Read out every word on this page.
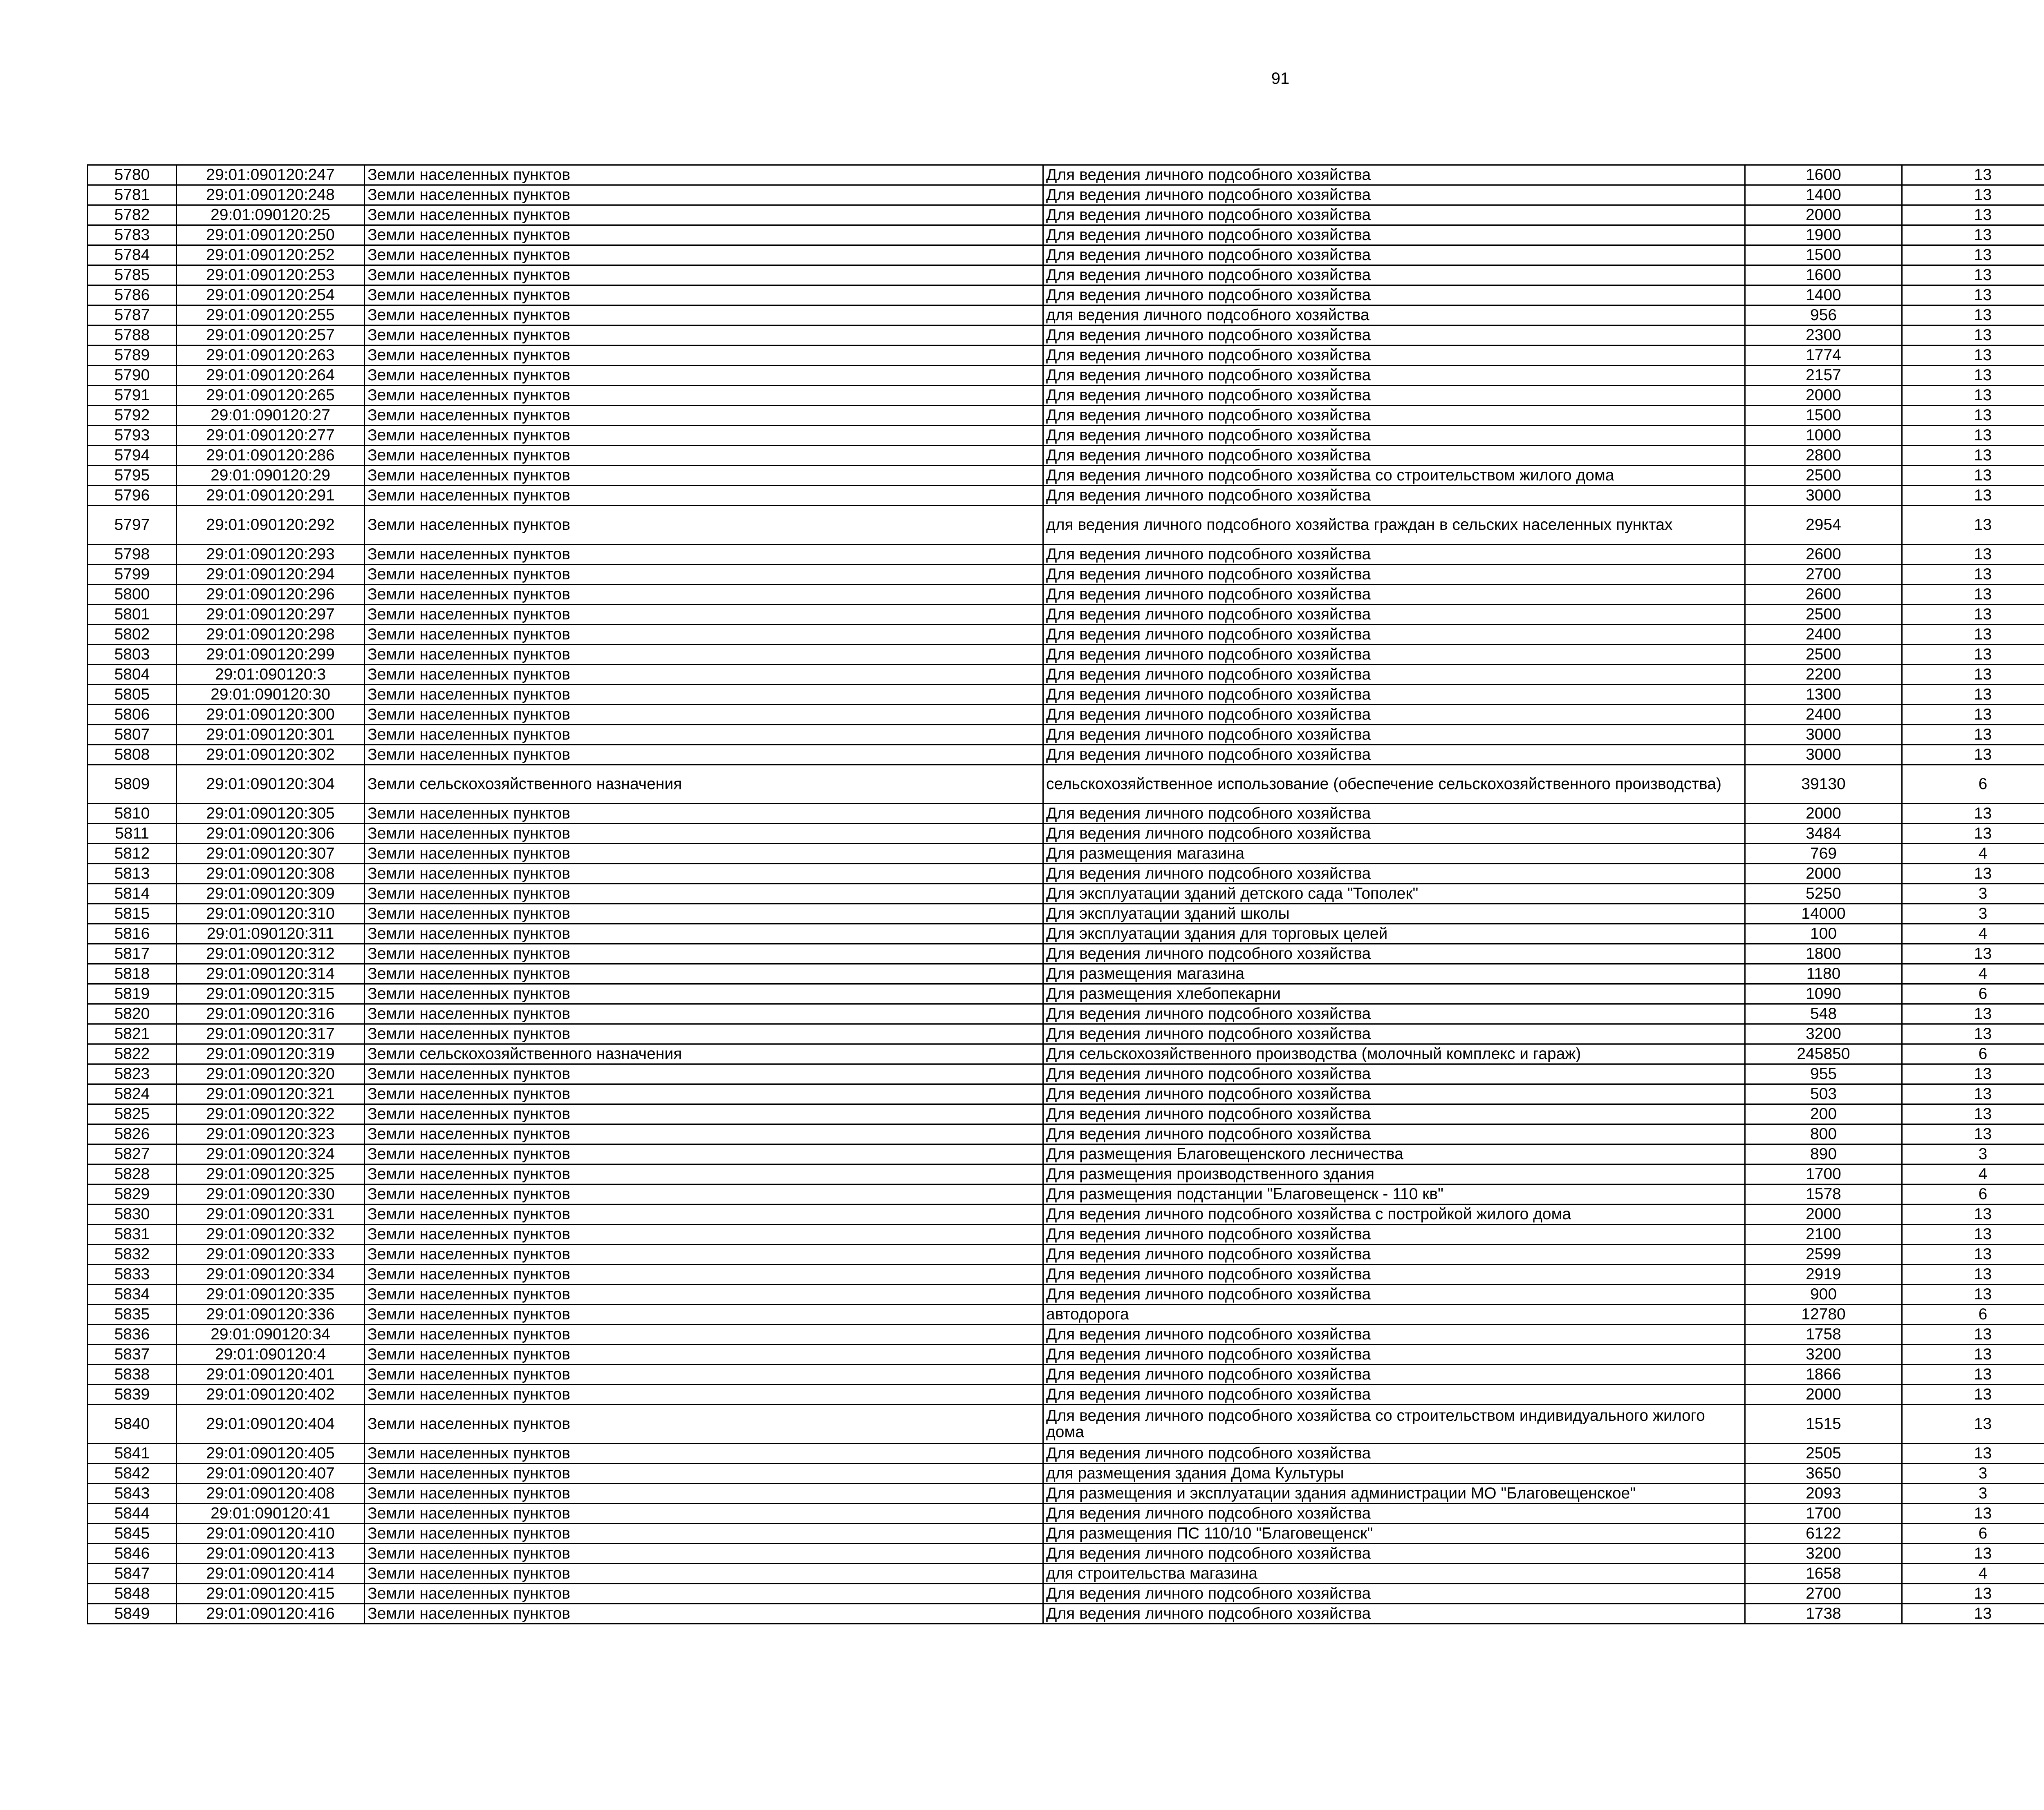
91
5780	29:01:090120:247	Земли населенных пунктов	Для ведения личного подсобного хозяйства	1600	13		
5781	29:01:090120:248	Земли населенных пунктов	Для ведения личного подсобного хозяйства	1400	13		
5782	29:01:090120:25	Земли населенных пунктов	Для ведения личного подсобного хозяйства	2000	13		
5783	29:01:090120:250	Земли населенных пунктов	Для ведения личного подсобного хозяйства	1900	13		
5784	29:01:090120:252	Земли населенных пунктов	Для ведения личного подсобного хозяйства	1500	13		
5785	29:01:090120:253	Земли населенных пунктов	Для ведения личного подсобного хозяйства	1600	13		
5786	29:01:090120:254	Земли населенных пунктов	Для ведения личного подсобного хозяйства	1400	13		
5787	29:01:090120:255	Земли населенных пунктов	для ведения личного подсобного хозяйства	956	13		
5788	29:01:090120:257	Земли населенных пунктов	Для ведения личного подсобного хозяйства	2300	13		
5789	29:01:090120:263	Земли населенных пунктов	Для ведения личного подсобного хозяйства	1774	13		
5790	29:01:090120:264	Земли населенных пунктов	Для ведения личного подсобного хозяйства	2157	13		
5791	29:01:090120:265	Земли населенных пунктов	Для ведения личного подсобного хозяйства	2000	13		
5792	29:01:090120:27	Земли населенных пунктов	Для ведения личного подсобного хозяйства	1500	13		
5793	29:01:090120:277	Земли населенных пунктов	Для ведения личного подсобного хозяйства	1000	13		
5794	29:01:090120:286	Земли населенных пунктов	Для ведения личного подсобного хозяйства	2800	13		
5795	29:01:090120:29	Земли населенных пунктов	Для ведения личного подсобного хозяйства со строительством жилого дома	2500	13		
5796	29:01:090120:291	Земли населенных пунктов	Для ведения личного подсобного хозяйства	3000	13		
5797	29:01:090120:292	Земли населенных пунктов	для ведения личного подсобного хозяйства граждан в сельских населенных пунктах	2954	13		
5798	29:01:090120:293	Земли населенных пунктов	Для ведения личного подсобного хозяйства	2600	13		
5799	29:01:090120:294	Земли населенных пунктов	Для ведения личного подсобного хозяйства	2700	13		
5800	29:01:090120:296	Земли населенных пунктов	Для ведения личного подсобного хозяйства	2600	13		
5801	29:01:090120:297	Земли населенных пунктов	Для ведения личного подсобного хозяйства	2500	13		
5802	29:01:090120:298	Земли населенных пунктов	Для ведения личного подсобного хозяйства	2400	13		
5803	29:01:090120:299	Земли населенных пунктов	Для ведения личного подсобного хозяйства	2500	13		
5804	29:01:090120:3	Земли населенных пунктов	Для ведения личного подсобного хозяйства	2200	13		
5805	29:01:090120:30	Земли населенных пунктов	Для ведения личного подсобного хозяйства	1300	13		
5806	29:01:090120:300	Земли населенных пунктов	Для ведения личного подсобного хозяйства	2400	13		
5807	29:01:090120:301	Земли населенных пунктов	Для ведения личного подсобного хозяйства	3000	13		
5808	29:01:090120:302	Земли населенных пунктов	Для ведения личного подсобного хозяйства	3000	13		
5809	29:01:090120:304	Земли сельскохозяйственного назначения	сельскохозяйственное использование (обеспечение сельскохозяйственного производства)	39130	6		
5810	29:01:090120:305	Земли населенных пунктов	Для ведения личного подсобного хозяйства	2000	13		
5811	29:01:090120:306	Земли населенных пунктов	Для ведения личного подсобного хозяйства	3484	13		
5812	29:01:090120:307	Земли населенных пунктов	Для размещения магазина	769	4		
5813	29:01:090120:308	Земли населенных пунктов	Для ведения личного подсобного хозяйства	2000	13		
5814	29:01:090120:309	Земли населенных пунктов	Для эксплуатации зданий детского сада "Тополек"	5250	3		
5815	29:01:090120:310	Земли населенных пунктов	Для эксплуатации зданий школы	14000	3		
5816	29:01:090120:311	Земли населенных пунктов	Для эксплуатации здания для торговых целей	100	4		
5817	29:01:090120:312	Земли населенных пунктов	Для ведения личного подсобного хозяйства	1800	13		
5818	29:01:090120:314	Земли населенных пунктов	Для размещения магазина	1180	4		
5819	29:01:090120:315	Земли населенных пунктов	Для размещения хлебопекарни	1090	6		
5820	29:01:090120:316	Земли населенных пунктов	Для ведения личного подсобного хозяйства	548	13		
5821	29:01:090120:317	Земли населенных пунктов	Для ведения личного подсобного хозяйства	3200	13		
5822	29:01:090120:319	Земли сельскохозяйственного назначения	Для сельскохозяйственного производства (молочный комплекс и гараж)	245850	6		
5823	29:01:090120:320	Земли населенных пунктов	Для ведения личного подсобного хозяйства	955	13		
5824	29:01:090120:321	Земли населенных пунктов	Для ведения личного подсобного хозяйства	503	13		
5825	29:01:090120:322	Земли населенных пунктов	Для ведения личного подсобного хозяйства	200	13		
5826	29:01:090120:323	Земли населенных пунктов	Для ведения личного подсобного хозяйства	800	13		
5827	29:01:090120:324	Земли населенных пунктов	Для размещения Благовещенского лесничества	890	3		
5828	29:01:090120:325	Земли населенных пунктов	Для размещения производственного здания	1700	4		
5829	29:01:090120:330	Земли населенных пунктов	Для размещения подстанции "Благовещенск - 110 кв"	1578	6		
5830	29:01:090120:331	Земли населенных пунктов	Для ведения личного подсобного хозяйства с постройкой жилого дома	2000	13		
5831	29:01:090120:332	Земли населенных пунктов	Для ведения личного подсобного хозяйства	2100	13		
5832	29:01:090120:333	Земли населенных пунктов	Для ведения личного подсобного хозяйства	2599	13		
5833	29:01:090120:334	Земли населенных пунктов	Для ведения личного подсобного хозяйства	2919	13		
5834	29:01:090120:335	Земли населенных пунктов	Для ведения личного подсобного хозяйства	900	13		
5835	29:01:090120:336	Земли населенных пунктов	автодорога	12780	6		
5836	29:01:090120:34	Земли населенных пунктов	Для ведения личного подсобного хозяйства	1758	13		
5837	29:01:090120:4	Земли населенных пунктов	Для ведения личного подсобного хозяйства	3200	13		
5838	29:01:090120:401	Земли населенных пунктов	Для ведения личного подсобного хозяйства	1866	13		
5839	29:01:090120:402	Земли населенных пунктов	Для ведения личного подсобного хозяйства	2000	13		
5840	29:01:090120:404	Земли населенных пунктов	Для ведения личного подсобного хозяйства со строительством индивидуального жилого дома	1515	13		
5841	29:01:090120:405	Земли населенных пунктов	Для ведения личного подсобного хозяйства	2505	13		
5842	29:01:090120:407	Земли населенных пунктов	для размещения здания Дома Культуры	3650	3		
5843	29:01:090120:408	Земли населенных пунктов	Для размещения и эксплуатации здания администрации МО "Благовещенское"	2093	3		
5844	29:01:090120:41	Земли населенных пунктов	Для ведения личного подсобного хозяйства	1700	13		
5845	29:01:090120:410	Земли населенных пунктов	Для размещения ПС 110/10 "Благовещенск"	6122	6		
5846	29:01:090120:413	Земли населенных пунктов	Для ведения личного подсобного хозяйства	3200	13		
5847	29:01:090120:414	Земли населенных пунктов	для строительства магазина	1658	4		
5848	29:01:090120:415	Земли населенных пунктов	Для ведения личного подсобного хозяйства	2700	13		
5849	29:01:090120:416	Земли населенных пунктов	Для ведения личного подсобного хозяйства	1738	13		
